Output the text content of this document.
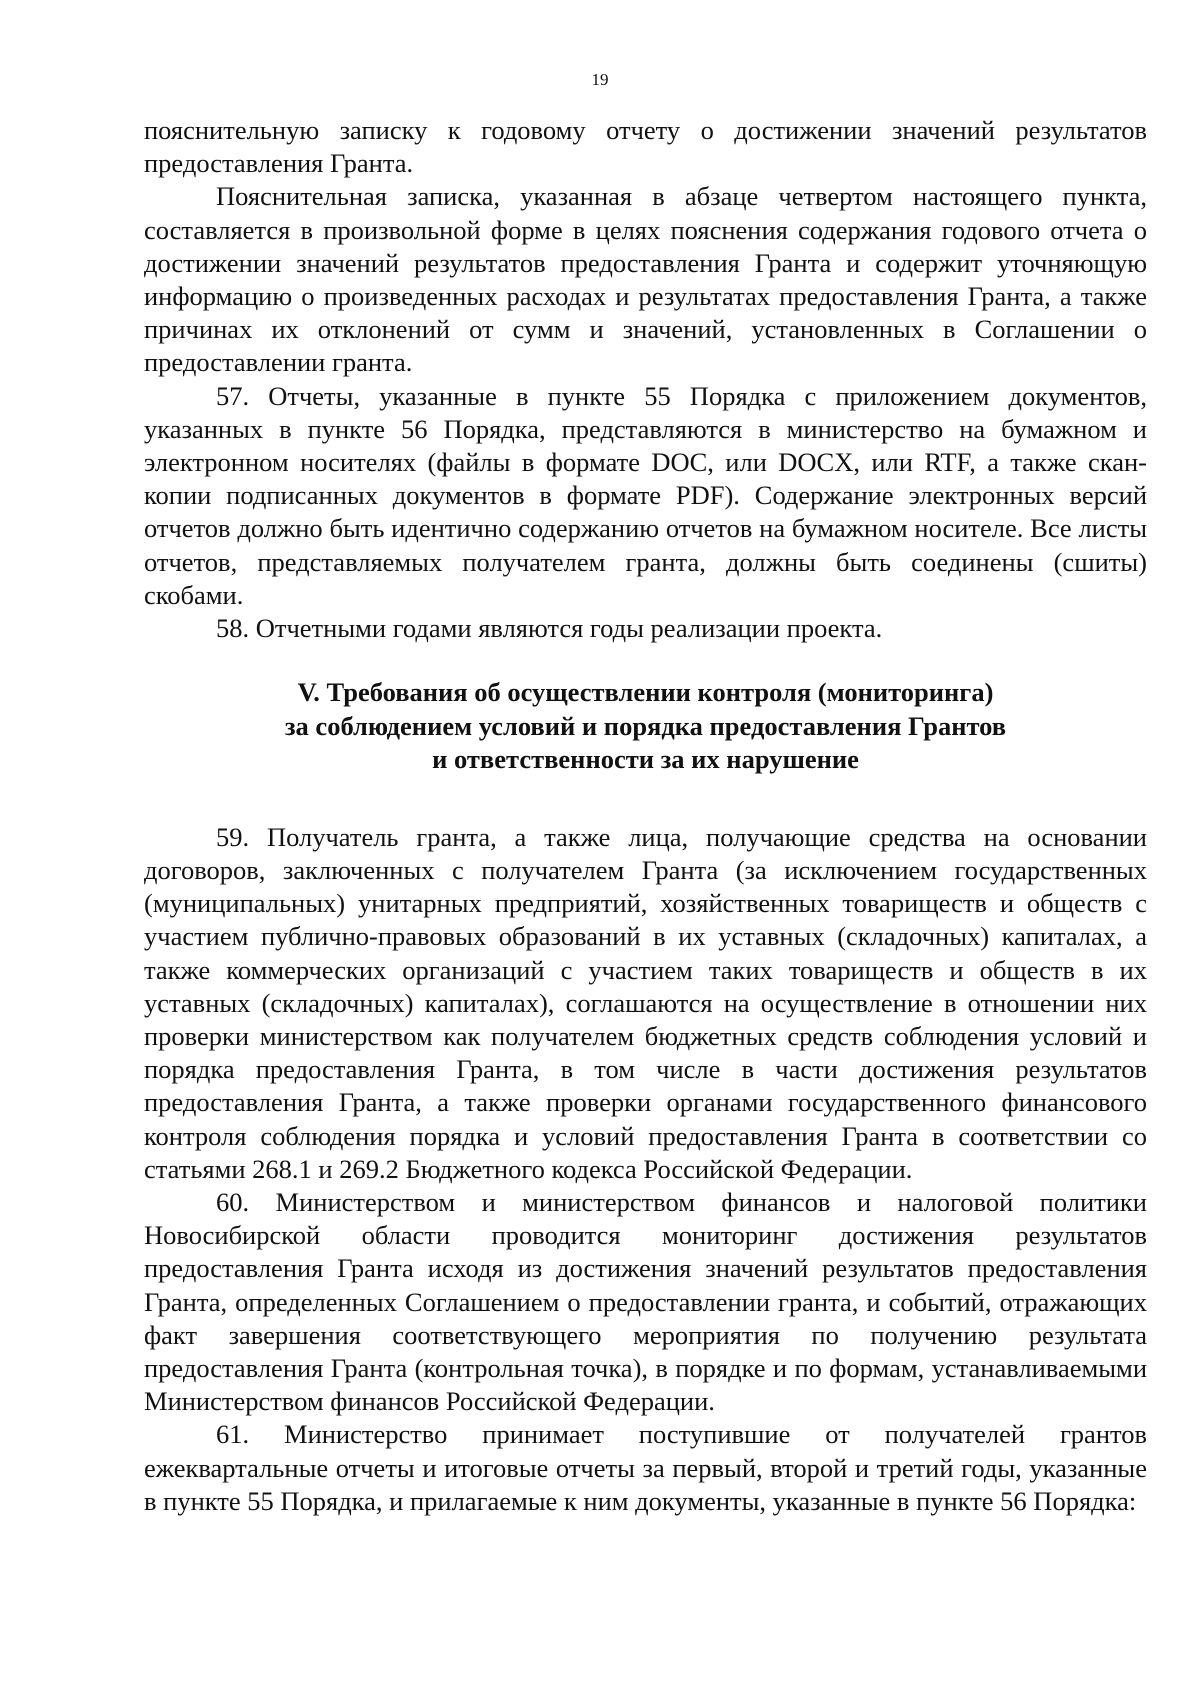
19

пояснительную записку к годовому отчету о достижении значений результатов предоставления Гранта.

Пояснительная записка, указанная в абзаце четвертом настоящего пункта, составляется в произвольной форме в целях пояснения содержания годового отчета о достижении значений результатов предоставления Гранта и содержит уточняющую информацию о произведенных расходах и результатах предоставления Гранта, а также причинах их отклонений от сумм и значений, установленных в Соглашении о предоставлении гранта.

57. Отчеты, указанные в пункте 55 Порядка с приложением документов, указанных в пункте 56 Порядка, представляются в министерство на бумажном и электронном носителях (файлы в формате DOC, или DOCX, или RTF, а также скан-копии подписанных документов в формате PDF). Содержание электронных версий отчетов должно быть идентично содержанию отчетов на бумажном носителе. Все листы отчетов, представляемых получателем гранта, должны быть соединены (сшиты) скобами.

58. Отчетными годами являются годы реализации проекта.

V. Требования об осуществлении контроля (мониторинга)
за соблюдением условий и порядка предоставления Грантов
и ответственности за их нарушение

59. Получатель гранта, а также лица, получающие средства на основании договоров, заключенных с получателем Гранта (за исключением государственных (муниципальных) унитарных предприятий, хозяйственных товариществ и обществ с участием публично-правовых образований в их уставных (складочных) капиталах, а также коммерческих организаций с участием таких товариществ и обществ в их уставных (складочных) капиталах), соглашаются на осуществление в отношении них проверки министерством как получателем бюджетных средств соблюдения условий и порядка предоставления Гранта, в том числе в части достижения результатов предоставления Гранта, а также проверки органами государственного финансового контроля соблюдения порядка и условий предоставления Гранта в соответствии со статьями 268.1 и 269.2 Бюджетного кодекса Российской Федерации.

60. Министерством и министерством финансов и налоговой политики Новосибирской области проводится мониторинг достижения результатов предоставления Гранта исходя из достижения значений результатов предоставления Гранта, определенных Соглашением о предоставлении гранта, и событий, отражающих факт завершения соответствующего мероприятия по получению результата предоставления Гранта (контрольная точка), в порядке и по формам, устанавливаемыми Министерством финансов Российской Федерации.

61. Министерство принимает поступившие от получателей грантов ежеквартальные отчеты и итоговые отчеты за первый, второй и третий годы, указанные в пункте 55 Порядка, и прилагаемые к ним документы, указанные в пункте 56 Порядка:
